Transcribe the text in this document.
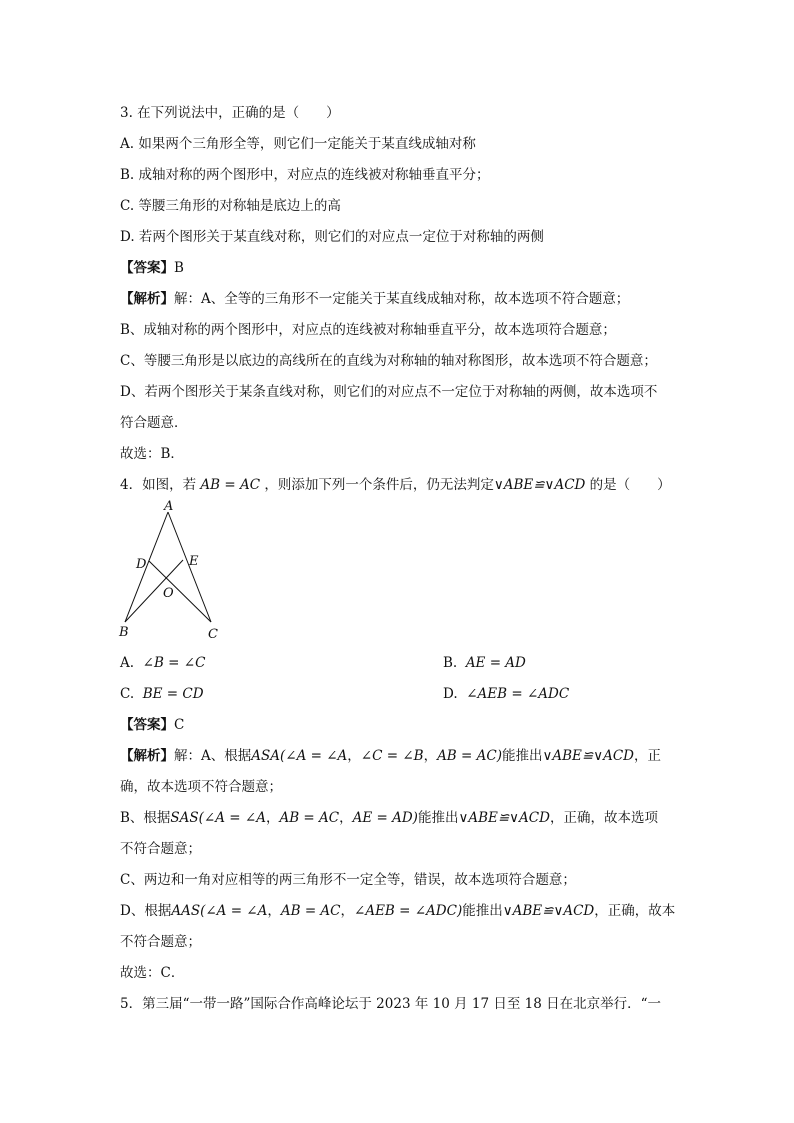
3. 在下列说法中，正确的是（　　）
A. 如果两个三角形全等，则它们一定能关于某直线成轴对称
B. 成轴对称的两个图形中，对应点的连线被对称轴垂直平分；
C. 等腰三角形的对称轴是底边上的高
D. 若两个图形关于某直线对称，则它们的对应点一定位于对称轴的两侧
【答案】B
【解析】解：A、全等的三角形不一定能关于某直线成轴对称，故本选项不符合题意；
B、成轴对称的两个图形中，对应点的连线被对称轴垂直平分，故本选项符合题意；
C、等腰三角形是以底边的高线所在的直线为对称轴的轴对称图形，故本选项不符合题意；
D、若两个图形关于某条直线对称，则它们的对应点不一定位于对称轴的两侧，故本选项不
符合题意．
故选：B．
4．如图，若 AB = AC ，则添加下列一个条件后，仍无法判定∨ABE≌∨ACD 的是（　　）
A
D	E
O
B	C
A. ∠B = ∠C	B. AE = AD
C. BE = CD	D. ∠AEB = ∠ADC
【答案】C
【解析】解：A、根据ASA(∠A = ∠A，∠C = ∠B，AB = AC)能推出∨ABE≌∨ACD，正
确，故本选项不符合题意；
B、根据SAS(∠A = ∠A，AB = AC，AE = AD)能推出∨ABE≌∨ACD，正确，故本选项
不符合题意；
C、两边和一角对应相等的两三角形不一定全等，错误，故本选项符合题意；
D、根据AAS(∠A = ∠A，AB = AC，∠AEB = ∠ADC)能推出∨ABE≌∨ACD，正确，故本
不符合题意；
故选：C．
5．第三届“一带一路”国际合作高峰论坛于 2023 年 10 月 17 日至 18 日在北京举行．“一
